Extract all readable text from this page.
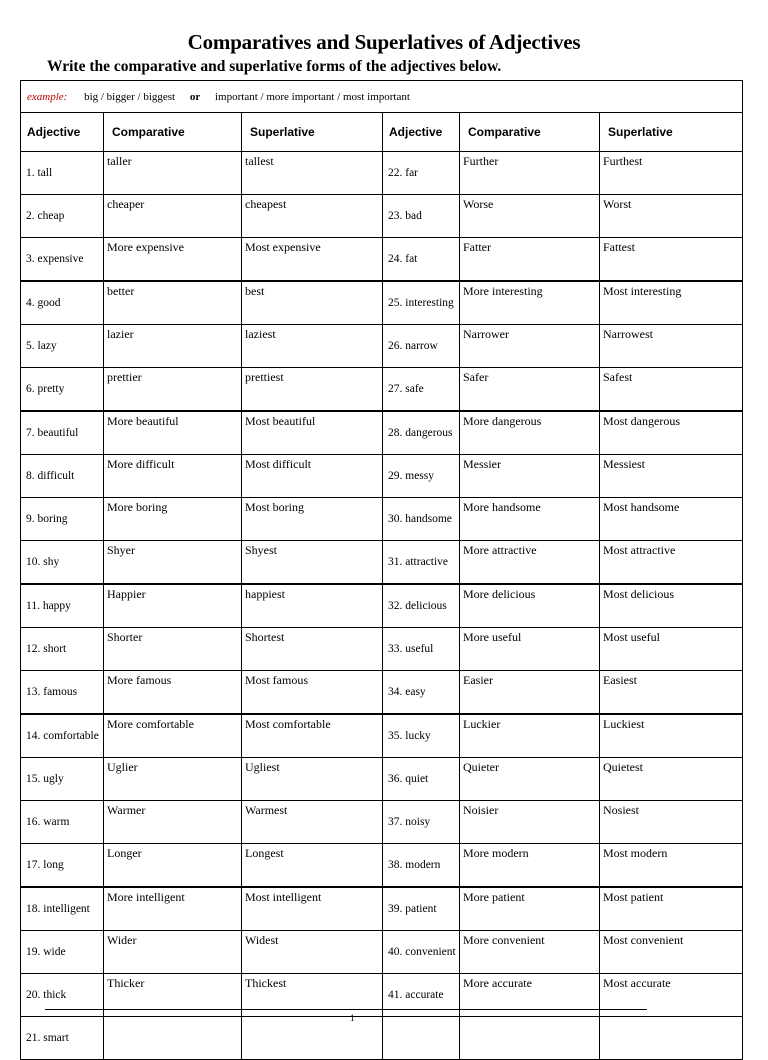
Comparatives and Superlatives of Adjectives
Write the comparative and superlative forms of the adjectives below.
example: big / bigger / biggest or important / more important / most important					
Adjective	Comparative	Superlative	Adjective	Comparative	Superlative
1. tall	taller	tallest	22. far	Further	Furthest
2. cheap	cheaper	cheapest	23. bad	Worse	Worst
3. expensive	More expensive	Most expensive	24. fat	Fatter	Fattest
4. good	better	best	25. interesting	More interesting	Most interesting
5. lazy	lazier	laziest	26. narrow	Narrower	Narrowest
6. pretty	prettier	prettiest	27. safe	Safer	Safest
7. beautiful	More beautiful	Most beautiful	28. dangerous	More dangerous	Most dangerous
8. difficult	More difficult	Most difficult	29. messy	Messier	Messiest
9. boring	More boring	Most boring	30. handsome	More handsome	Most handsome
10. shy	Shyer	Shyest	31. attractive	More attractive	Most attractive
11. happy	Happier	happiest	32. delicious	More delicious	Most delicious
12. short	Shorter	Shortest	33. useful	More useful	Most useful
13. famous	More famous	Most famous	34. easy	Easier	Easiest
14. comfortable	More comfortable	Most comfortable	35. lucky	Luckier	Luckiest
15. ugly	Uglier	Ugliest	36. quiet	Quieter	Quietest
16. warm	Warmer	Warmest	37. noisy	Noisier	Nosiest
17. long	Longer	Longest	38. modern	More modern	Most modern
18. intelligent	More intelligent	Most intelligent	39. patient	More patient	Most patient
19. wide	Wider	Widest	40. convenient	More convenient	Most convenient
20. thick	Thicker	Thickest	41. accurate	More accurate	Most accurate
21. smart					
1
